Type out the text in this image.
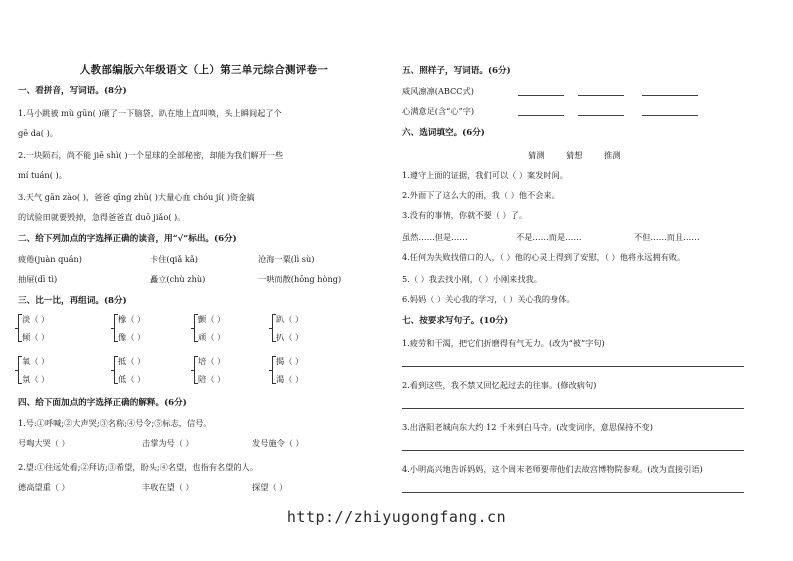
人教部编版六年级语文（上）第三单元综合测评卷一
一、看拼音，写词语。(8分)
1.马小跳被 mù gūn( )砸了一下脑袋，趴在地上直叫唤，头上瞬间起了个
gē da( )。
2.一块陨石，尚不能 jiē shì( )一个星球的全部秘密，却能为我们解开一些
mí tuán( )。
3.天气 gān zào( )，爸爸 qīng zhù( )大量心血 chóu jí( )资金搞
的试验田就要毁掉，急得爸爸直 duō jiǎo( )。
二、给下列加点的字选择正确的读音，用“√”标出。(6分)
疲倦(juàn quán)	卡住(qiǎ kǎ)	沧海一粟(lì sù)
抽屉(dī tì)	矗立(chù zhù)	一哄而散(hōng hòng)
三、比一比，再组词。(8分)
淡（ ）
倾（ ）
橡（ ）
像（ ）
颤（ ）
顽（ ）
趴（ ）
扒（ ）
氧（ ）
氛（ ）
抵（ ）
低（ ）
培（ ）
陪（ ）
揭（ ）
渴（ ）
四、给下面加点的字选择正确的解释。(6分)
1.号:①呼喊;②大声哭;③名称;④号令;⑤标志，信号。
号啕大哭（ ）	击掌为号（ ）	发号施令（ ）
2.望:①往远处看;②拜访;③希望，盼头;④名望，也指有名望的人。
德高望重（ ）	丰收在望（ ）	探望（ ）
五、照样子，写词语。(6分)
威风凛凛(ABCC式)
心满意足(含“心”字)
六、选词填空。(6分)
猜测	猜想	推测
1.遵守上面的证据，我们可以（ ）案发时间。
2.外面下了这么大的雨，我（ ）他不会来。
3.没有的事情，你就不要（ ）了。
虽然……但是……	不是……而是……	不但……而且……
4.任何为失败找借口的人，（ ）他的心灵上得到了安慰，（ ）他将永远拥有败。
5.（ ）我去找小刚，（ ）小刚来找我。
6.妈妈（ ）关心我的学习，（ ）关心我的身体。
七、按要求写句子。(10分)
1.疲劳和干渴，把它们折磨得有气无力。(改为“被”字句)
2.看到这些，我不禁又回忆起过去的往事。(修改病句)
3.出洛阳老城向东大约 12 千米到白马寺。(改变词序，意思保持不变)
4.小明高兴地告诉妈妈，这个周末老师要带他们去故宫博物院参观。(改为直接引语)
http://zhiyugongfang.cn
